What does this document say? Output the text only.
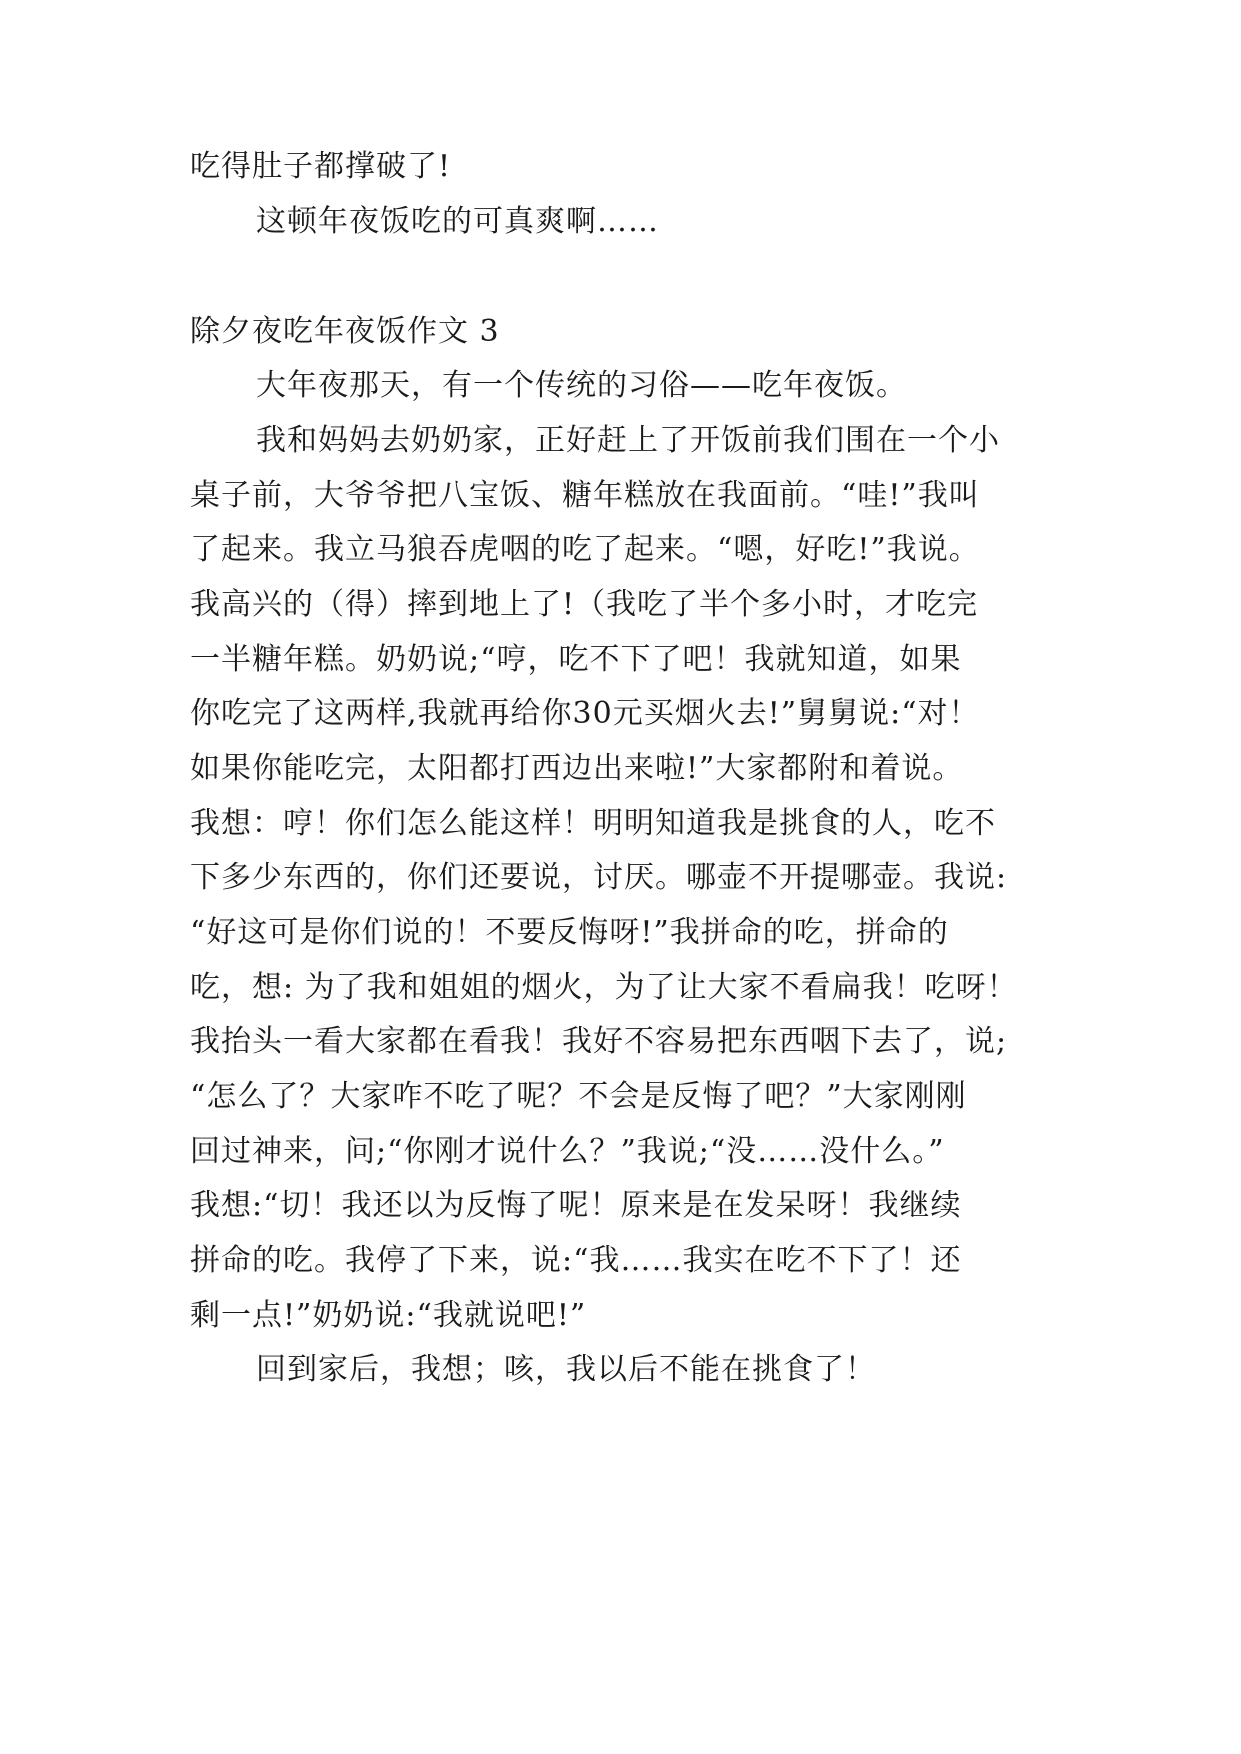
吃得肚子都撑破了!
这顿年夜饭吃的可真爽啊……
除夕夜吃年夜饭作文 3
大年夜那天，有一个传统的习俗——吃年夜饭。
我和妈妈去奶奶家，正好赶上了开饭前我们围在一个小
桌子前，大爷爷把八宝饭、糖年糕放在我面前。“哇!”我叫
了起来。我立马狼吞虎咽的吃了起来。“嗯，好吃!”我说。
我高兴的（得）摔到地上了!（我吃了半个多小时，才吃完
一半糖年糕。奶奶说;“哼，吃不下了吧！我就知道，如果
你吃完了这两样,我就再给你30元买烟火去!”舅舅说:“对！
如果你能吃完，太阳都打西边出来啦!”大家都附和着说。
我想：哼！你们怎么能这样！明明知道我是挑食的人，吃不
下多少东西的，你们还要说，讨厌。哪壶不开提哪壶。我说:
“好这可是你们说的！不要反悔呀!”我拼命的吃，拼命的
吃，想: 为了我和姐姐的烟火，为了让大家不看扁我！吃呀！
我抬头一看大家都在看我！我好不容易把东西咽下去了，说;
“怎么了？大家咋不吃了呢？不会是反悔了吧？”大家刚刚
回过神来，问;“你刚才说什么？”我说;“没……没什么。”
我想:“切！我还以为反悔了呢！原来是在发呆呀！我继续
拼命的吃。我停了下来，说:“我……我实在吃不下了！还
剩一点!”奶奶说:“我就说吧!”
回到家后，我想；咳，我以后不能在挑食了！
